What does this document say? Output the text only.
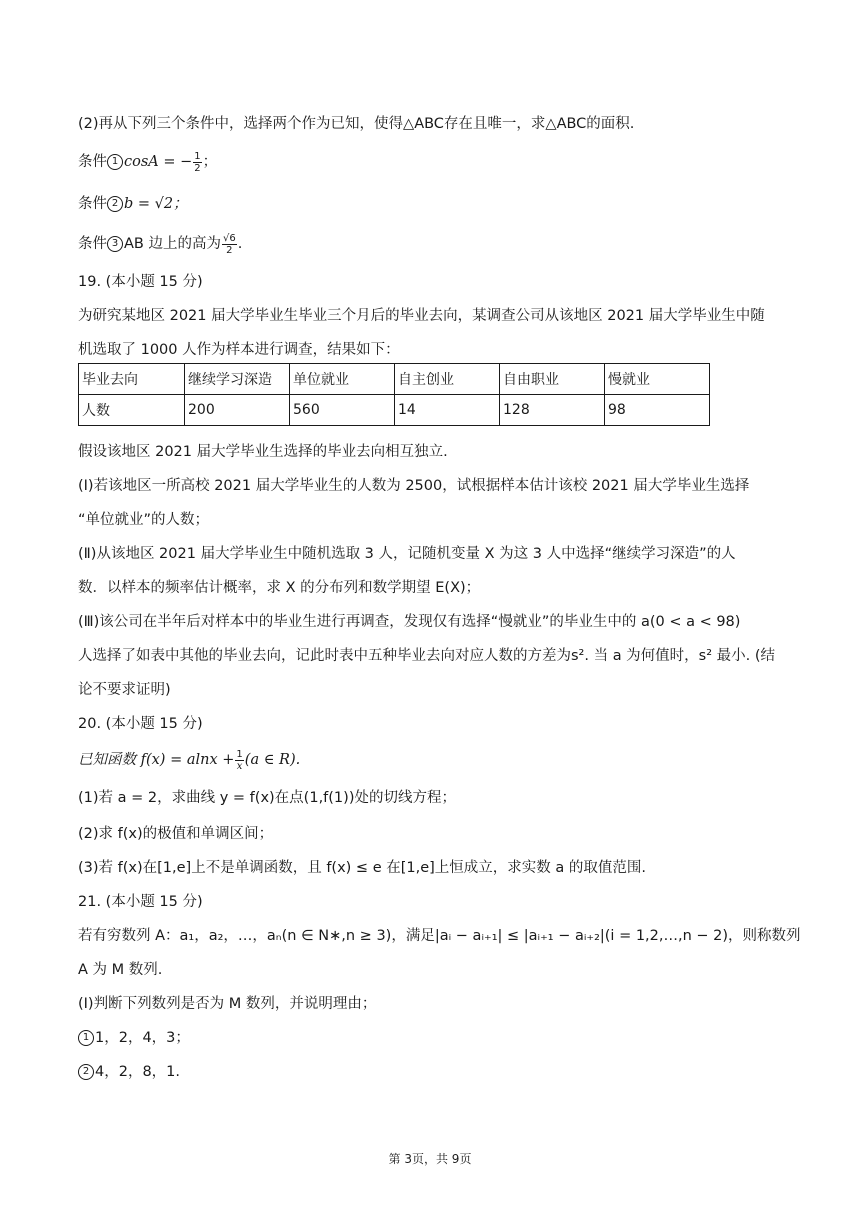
(2)再从下列三个条件中，选择两个作为已知，使得△ABC存在且唯一，求△ABC的面积.
条件 1 cosA = − $\frac{1}{2}$ ；
条件 2 b = √2；
条件 3 AB 边上的高为 $\frac{√6}{2}$ .
19. (本小题 15 分)
为研究某地区 2021 届大学毕业生毕业三个月后的毕业去向，某调查公司从该地区 2021 届大学毕业生中随
机选取了 1000 人作为样本进行调查，结果如下：
毕业去向	继续学习深造	单位就业	自主创业	自由职业	慢就业
人数	200	560	14	128	98
假设该地区 2021 届大学毕业生选择的毕业去向相互独立.
(Ⅰ)若该地区一所高校 2021 届大学毕业生的人数为 2500，试根据样本估计该校 2021 届大学毕业生选择
“单位就业”的人数；
(Ⅱ)从该地区 2021 届大学毕业生中随机选取 3 人，记随机变量 X 为这 3 人中选择“继续学习深造”的人
数．以样本的频率估计概率，求 X 的分布列和数学期望 E(X)；
(Ⅲ)该公司在半年后对样本中的毕业生进行再调查，发现仅有选择“慢就业”的毕业生中的 a(0 < a < 98)
人选择了如表中其他的毕业去向，记此时表中五种毕业去向对应人数的方差为s². 当 a 为何值时，s² 最小. (结
论不要求证明)
20. (本小题 15 分)
已知函数 $f(x) = alnx + \frac{1}{x} (a$ ∈ R).
(1)若 a = 2，求曲线 y = f(x)在点(1,f(1))处的切线方程；
(2)求 f(x)的极值和单调区间；
(3)若 f(x)在[1,e]上不是单调函数，且 f(x) ≤ e 在[1,e]上恒成立，求实数 a 的取值范围.
21. (本小题 15 分)
若有穷数列 A：a₁，a₂，…，aₙ(n ∈ N∗,n ≥ 3)，满足|aᵢ − aᵢ₊₁| ≤ |aᵢ₊₁ − aᵢ₊₂|(i = 1,2,…,n − 2)，则称数列
A 为 M 数列.
(Ⅰ)判断下列数列是否为 M 数列，并说明理由；
1 1，2，4，3；
2 4，2，8，1.
第 3页，共 9页
